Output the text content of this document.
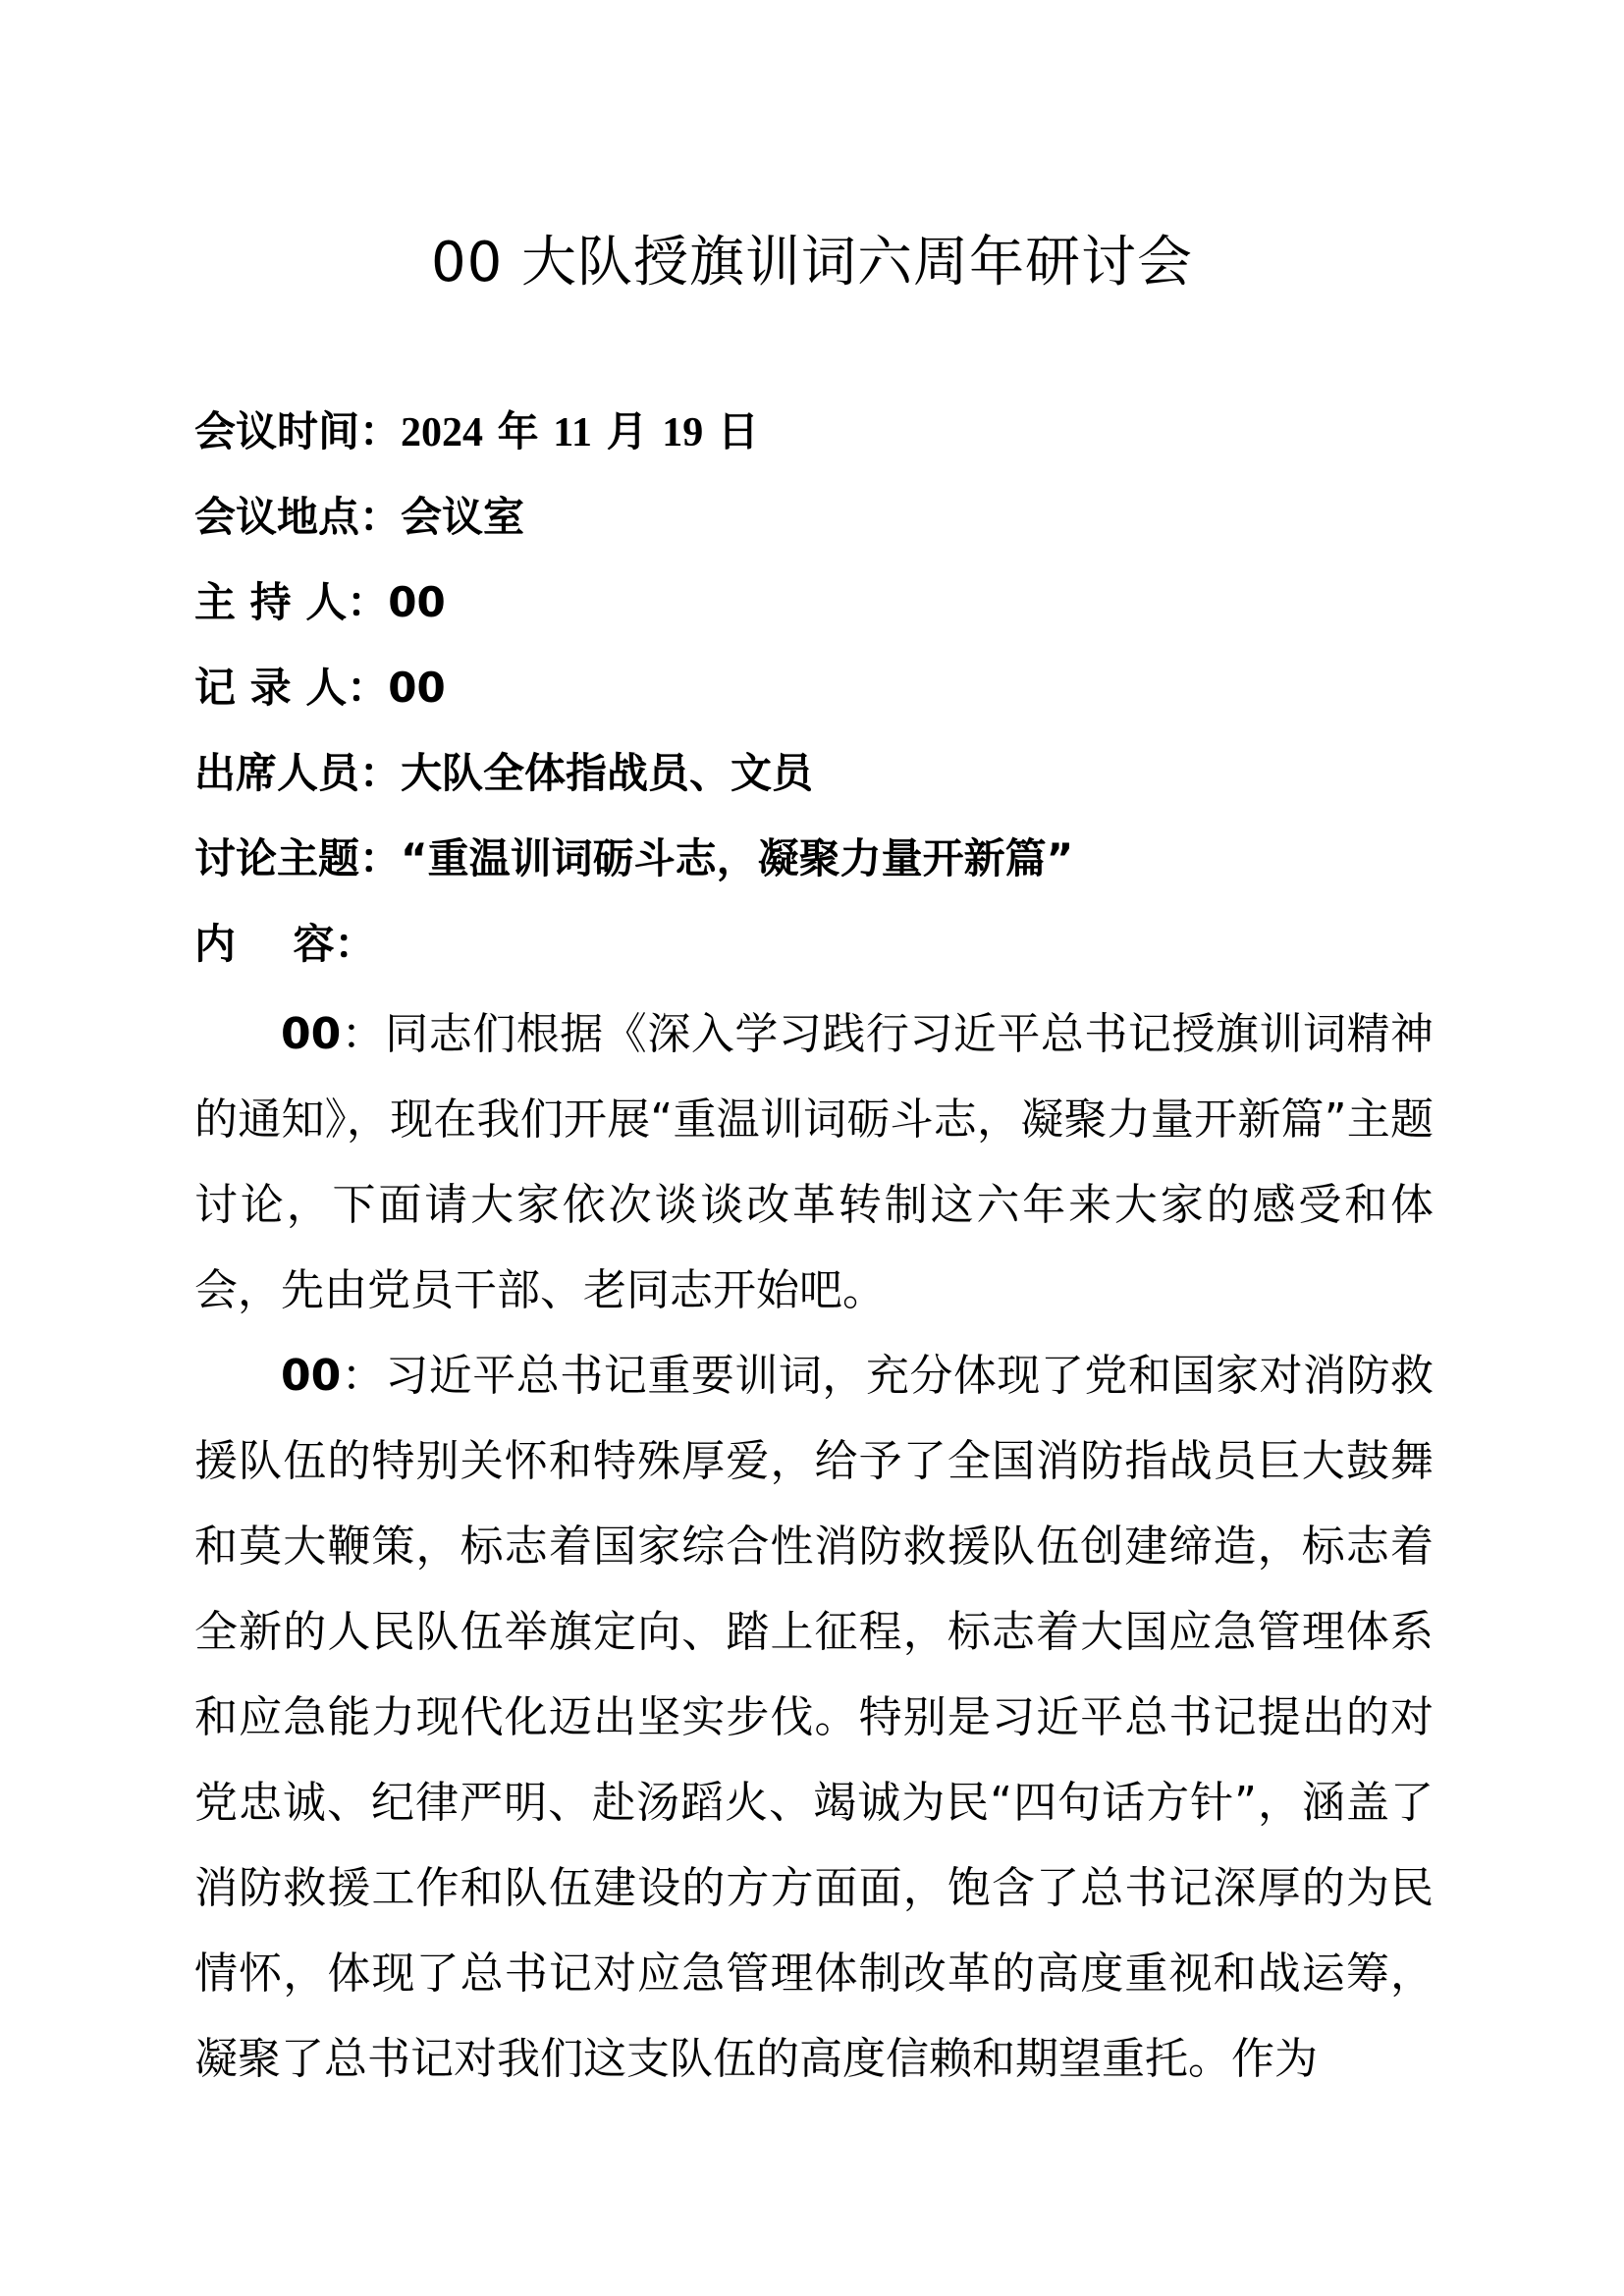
00 大队授旗训词六周年研讨会
会议时间：2024 年 11 月 19 日
会议地点：会议室
主 持 人：00
记 录 人：00
出席人员：大队全体指战员、文员
讨论主题：“重温训词砺斗志，凝聚力量开新篇”
内    容：

00：同志们根据《深入学习践行习近平总书记授旗训词精神的通知》，现在我们开展“重温训词砺斗志，凝聚力量开新篇”主题讨论，下面请大家依次谈谈改革转制这六年来大家的感受和体会，先由党员干部、老同志开始吧。

00：习近平总书记重要训词，充分体现了党和国家对消防救援队伍的特别关怀和特殊厚爱，给予了全国消防指战员巨大鼓舞和莫大鞭策，标志着国家综合性消防救援队伍创建缔造，标志着全新的人民队伍举旗定向、踏上征程，标志着大国应急管理体系和应急能力现代化迈出坚实步伐。特别是习近平总书记提出的对党忠诚、纪律严明、赴汤蹈火、竭诚为民“四句话方针”，涵盖了消防救援工作和队伍建设的方方面面，饱含了总书记深厚的为民情怀，体现了总书记对应急管理体制改革的高度重视和战运筹，凝聚了总书记对我们这支队伍的高度信赖和期望重托。作为
